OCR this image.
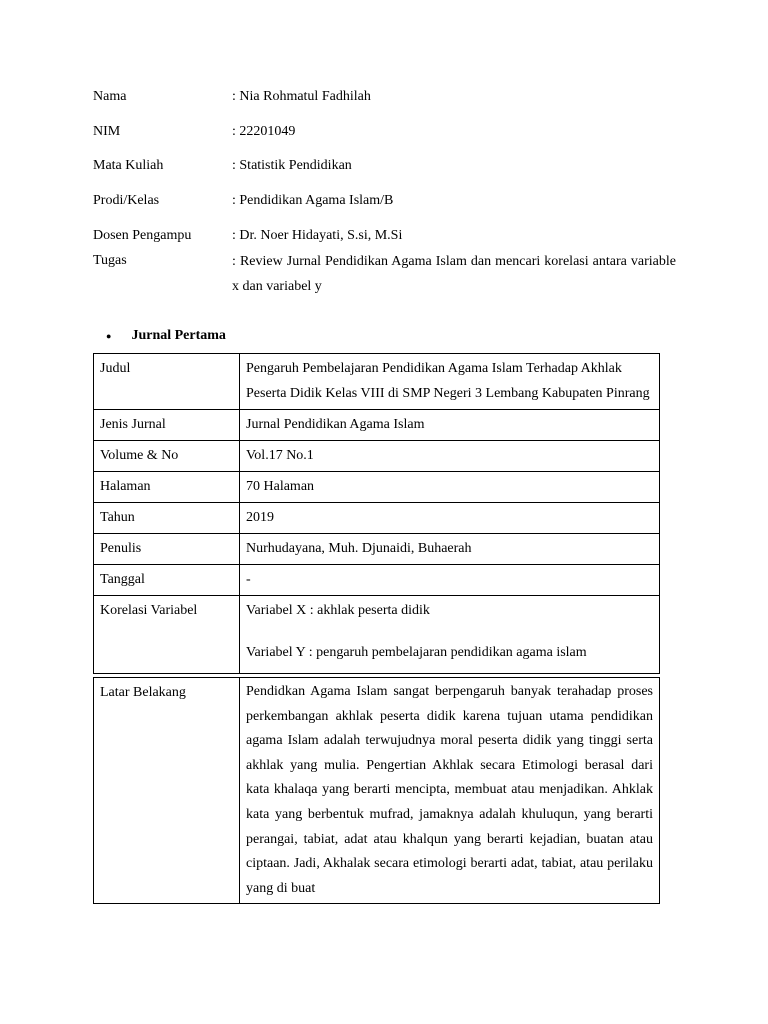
Nama	: Nia Rohmatul Fadhilah
NIM	: 22201049
Mata Kuliah	: Statistik Pendidikan
Prodi/Kelas	: Pendidikan Agama Islam/B
Dosen Pengampu	: Dr. Noer Hidayati, S.si, M.Si
Tugas	: Review Jurnal Pendidikan Agama Islam dan mencari korelasi antara variable x dan variabel y
● Jurnal Pertama
Judul	Pengaruh Pembelajaran Pendidikan Agama Islam Terhadap Akhlak Peserta Didik Kelas VIII di SMP Negeri 3 Lembang Kabupaten Pinrang
Jenis Jurnal	Jurnal Pendidikan Agama Islam
Volume & No	Vol.17 No.1
Halaman	70 Halaman
Tahun	2019
Penulis	Nurhudayana, Muh. Djunaidi, Buhaerah
Tanggal	-
Korelasi Variabel	Variabel X : akhlak peserta didik
Variabel Y : pengaruh pembelajaran pendidikan agama islam
Latar Belakang	Pendidkan Agama Islam sangat berpengaruh banyak terahadap proses perkembangan akhlak peserta didik karena tujuan utama pendidikan agama Islam adalah terwujudnya moral peserta didik yang tinggi serta akhlak yang mulia. Pengertian Akhlak secara Etimologi berasal dari kata khalaqa yang berarti mencipta, membuat atau menjadikan. Ahklak kata yang berbentuk mufrad, jamaknya adalah khuluqun, yang berarti perangai, tabiat, adat atau khalqun yang berarti kejadian, buatan atau ciptaan. Jadi, Akhalak secara etimologi berarti adat, tabiat, atau perilaku yang di buat
